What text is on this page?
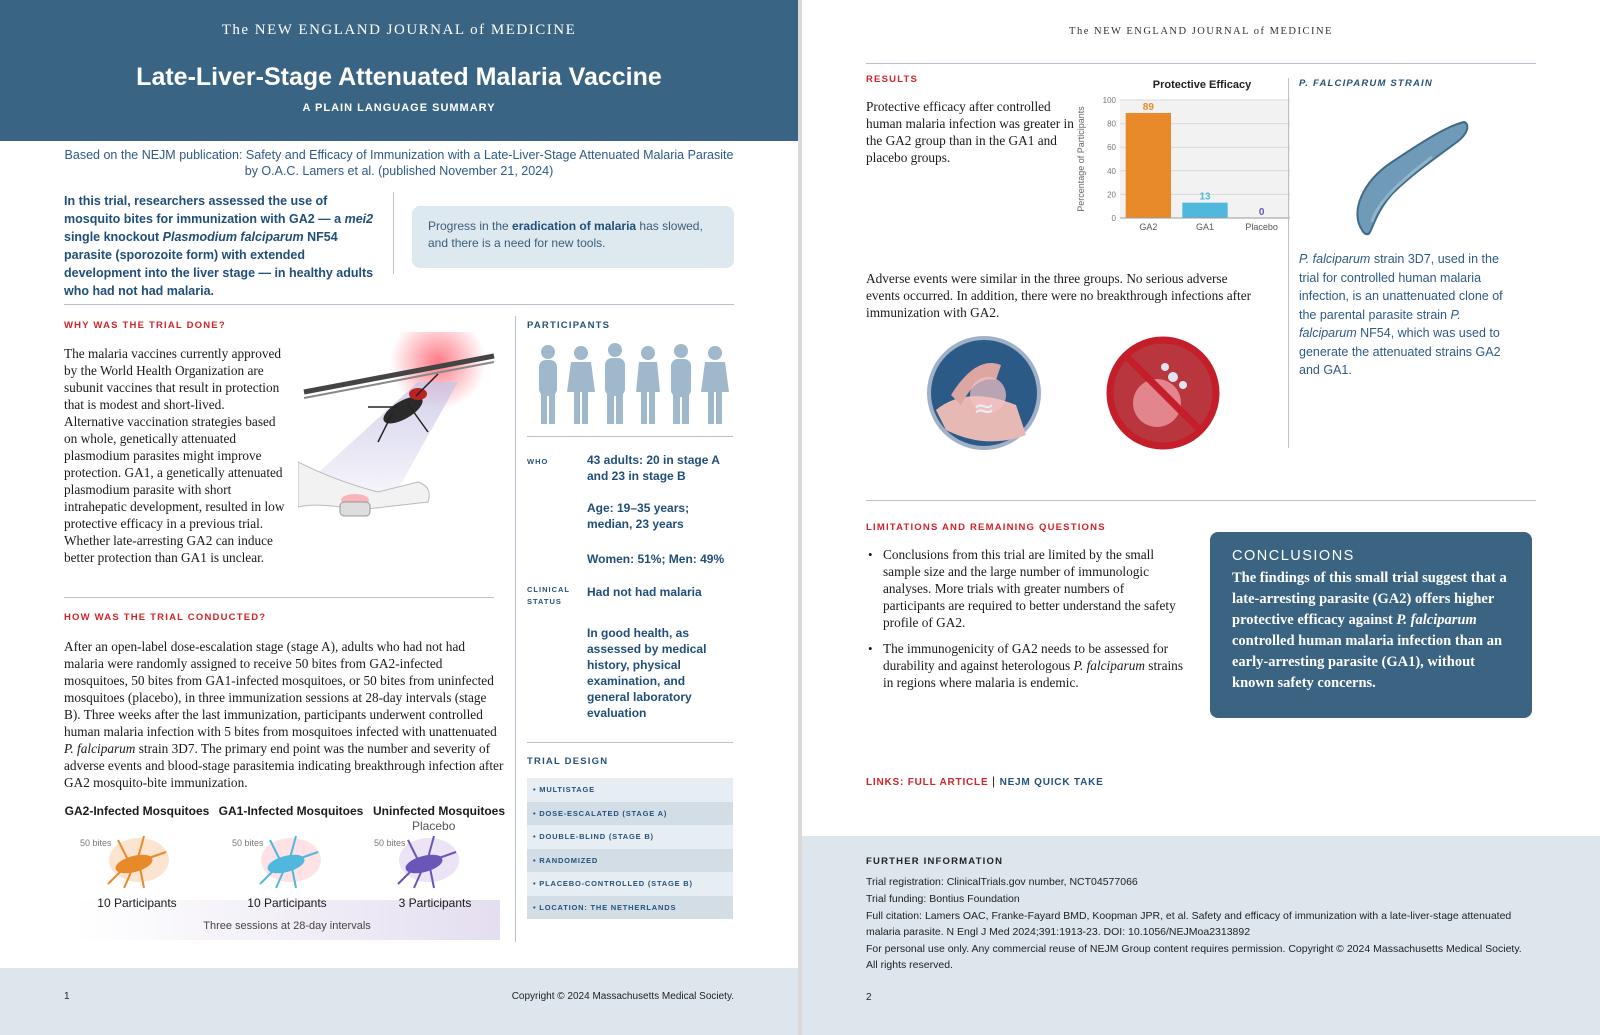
The NEW ENGLAND JOURNAL of MEDICINE
Late-Liver-Stage Attenuated Malaria Vaccine
A PLAIN LANGUAGE SUMMARY
Based on the NEJM publication: Safety and Efficacy of Immunization with a Late-Liver-Stage Attenuated Malaria Parasite
by O.A.C. Lamers et al. (published November 21, 2024)
In this trial, researchers assessed the use of mosquito bites for immunization with GA2 — a mei2 single knockout Plasmodium falciparum NF54 parasite (sporozoite form) with extended development into the liver stage — in healthy adults who had not had malaria.
Progress in the eradication of malaria has slowed, and there is a need for new tools.
WHY WAS THE TRIAL DONE?
The malaria vaccines currently approved by the World Health Organization are subunit vaccines that result in protection that is modest and short-lived. Alternative vaccination strategies based on whole, genetically attenuated plasmodium parasites might improve protection. GA1, a genetically attenuated plasmodium parasite with short intrahepatic development, resulted in low protective efficacy in a previous trial. Whether late-arresting GA2 can induce better protection than GA1 is unclear.
HOW WAS THE TRIAL CONDUCTED?
After an open-label dose-escalation stage (stage A), adults who had not had malaria were randomly assigned to receive 50 bites from GA2-infected mosquitoes, 50 bites from GA1-infected mosquitoes, or 50 bites from uninfected mosquitoes (placebo), in three immunization sessions at 28-day intervals (stage B). Three weeks after the last immunization, participants underwent controlled human malaria infection with 5 bites from mosquitoes infected with unattenuated P. falciparum strain 3D7. The primary end point was the number and severity of adverse events and blood-stage parasitemia indicating breakthrough infection after GA2 mosquito-bite immunization.
GA2-Infected Mosquitoes GA1-Infected Mosquitoes Uninfected Mosquitoes
Placebo
50 bites	50 bites	50 bites
10 Participants	10 Participants	3 Participants
Three sessions at 28-day intervals
PARTICIPANTS
WHO	43 adults: 20 in stage A and 23 in stage B
Age: 19–35 years; median, 23 years
Women: 51%; Men: 49%
CLINICAL
STATUS
Had not had malaria
In good health, as assessed by medical history, physical examination, and general laboratory evaluation
TRIAL DESIGN
• MULTISTAGE
• DOSE-ESCALATED (STAGE A)
• DOUBLE-BLIND (STAGE B)
• RANDOMIZED
• PLACEBO-CONTROLLED (STAGE B)
• LOCATION: THE NETHERLANDS
1	Copyright © 2024 Massachusetts Medical Society.
The NEW ENGLAND JOURNAL of MEDICINE
RESULTS
Protective efficacy after controlled human malaria infection was greater in the GA2 group than in the GA1 and placebo groups.
Protective Efficacy
0
20
40
60
80
100
89
13
0
GA2	GA1	Placebo
Percentage of Participants
P. FALCIPARUM STRAIN
P. falciparum strain 3D7, used in the trial for controlled human malaria infection, is an unattenuated clone of the parental parasite strain P. falciparum NF54, which was used to generate the attenuated strains GA2 and GA1.
Adverse events were similar in the three groups. No serious adverse events occurred. In addition, there were no breakthrough infections after immunization with GA2.
≈
LIMITATIONS AND REMAINING QUESTIONS
• Conclusions from this trial are limited by the small sample size and the large number of immunologic analyses. More trials with greater numbers of participants are required to better understand the safety profile of GA2.
• The immunogenicity of GA2 needs to be assessed for durability and against heterologous P. falciparum strains in regions where malaria is endemic.
CONCLUSIONS
The findings of this small trial suggest that a late-arresting parasite (GA2) offers higher protective efficacy against P. falciparum controlled human malaria infection than an early-arresting parasite (GA1), without known safety concerns.
LINKS: FULL ARTICLE | NEJM QUICK TAKE
FURTHER INFORMATION
Trial registration: ClinicalTrials.gov number, NCT04577066
Trial funding: Bontius Foundation
Full citation: Lamers OAC, Franke-Fayard BMD, Koopman JPR, et al. Safety and efficacy of immunization with a late-liver-stage attenuated
malaria parasite. N Engl J Med 2024;391:1913-23. DOI: 10.1056/NEJMoa2313892
For personal use only. Any commercial reuse of NEJM Group content requires permission. Copyright © 2024 Massachusetts Medical Society.
All rights reserved.
2
